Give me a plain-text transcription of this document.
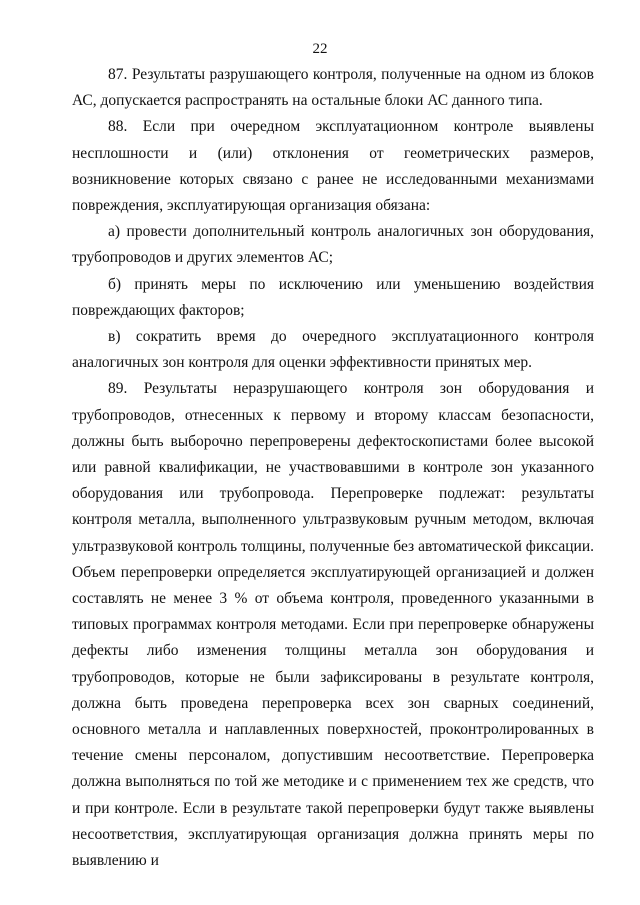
22

87. Результаты разрушающего контроля, полученные на одном из блоков АС, допускается распространять на остальные блоки АС данного типа.

88. Если при очередном эксплуатационном контроле выявлены несплошности и (или) отклонения от геометрических размеров, возникновение которых связано с ранее не исследованными механизмами повреждения, эксплуатирующая организация обязана:

а) провести дополнительный контроль аналогичных зон оборудования, трубопроводов и других элементов АС;

б) принять меры по исключению или уменьшению воздействия повреждающих факторов;

в) сократить время до очередного эксплуатационного контроля аналогичных зон контроля для оценки эффективности принятых мер.

89. Результаты неразрушающего контроля зон оборудования и трубопроводов, отнесенных к первому и второму классам безопасности, должны быть выборочно перепроверены дефектоскопистами более высокой или равной квалификации, не участвовавшими в контроле зон указанного оборудования или трубопровода. Перепроверке подлежат: результаты контроля металла, выполненного ультразвуковым ручным методом, включая ультразвуковой контроль толщины, полученные без автоматической фиксации. Объем перепроверки определяется эксплуатирующей организацией и должен составлять не менее 3 % от объема контроля, проведенного указанными в типовых программах контроля методами. Если при перепроверке обнаружены дефекты либо изменения толщины металла зон оборудования и трубопроводов, которые не были зафиксированы в результате контроля, должна быть проведена перепроверка всех зон сварных соединений, основного металла и наплавленных поверхностей, проконтролированных в течение смены персоналом, допустившим несоответствие. Перепроверка должна выполняться по той же методике и с применением тех же средств, что и при контроле. Если в результате такой перепроверки будут также выявлены несоответствия, эксплуатирующая организация должна принять меры по выявлению и
